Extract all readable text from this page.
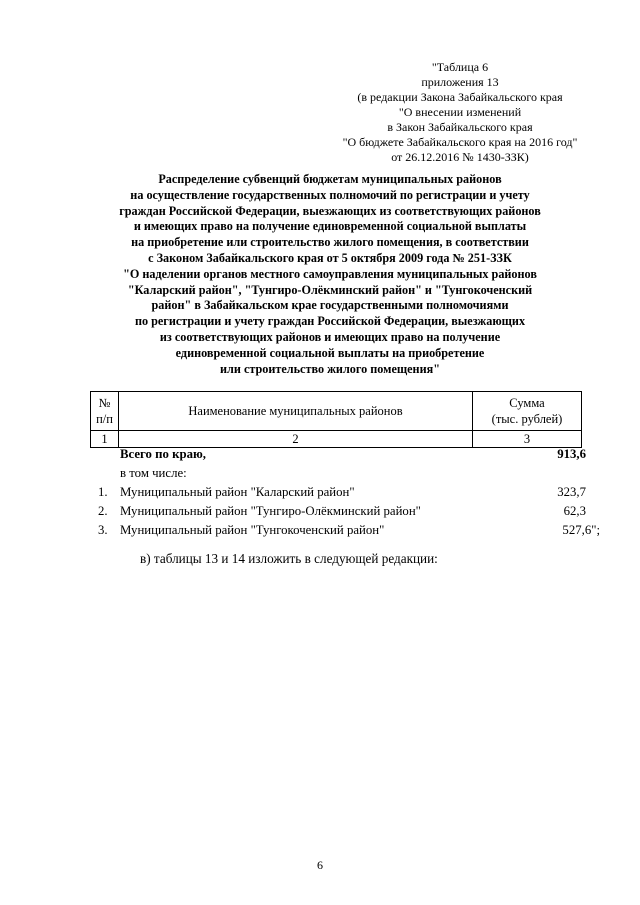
"Таблица 6
приложения 13
(в редакции Закона Забайкальского края
"О внесении изменений
в Закон Забайкальского края
"О бюджете Забайкальского края на 2016 год"
от 26.12.2016 № 1430-ЗЗК)
Распределение субвенций бюджетам муниципальных районов
на осуществление государственных полномочий по регистрации и учету
граждан Российской Федерации, выезжающих из соответствующих районов
и имеющих право на получение единовременной социальной выплаты
на приобретение или строительство жилого помещения, в соответствии
с Законом Забайкальского края от 5 октября 2009 года № 251-ЗЗК
"О наделении органов местного самоуправления муниципальных районов
"Каларский район", "Тунгиро-Олёкминский район" и "Тунгокоченский
район" в Забайкальском крае государственными полномочиями
по регистрации и учету граждан Российской Федерации, выезжающих
из соответствующих районов и имеющих право на получение
единовременной социальной выплаты на приобретение
или строительство жилого помещения"
№
п/п	Наименование муниципальных районов	Сумма
(тыс. рублей)
1	2	3
Всего по краю,	913,6
в том числе:
1. Муниципальный район "Каларский район"	323,7
2. Муниципальный район "Тунгиро-Олёкминский район"	62,3
3. Муниципальный район "Тунгокоченский район"	527,6";
в) таблицы 13 и 14 изложить в следующей редакции:
6
